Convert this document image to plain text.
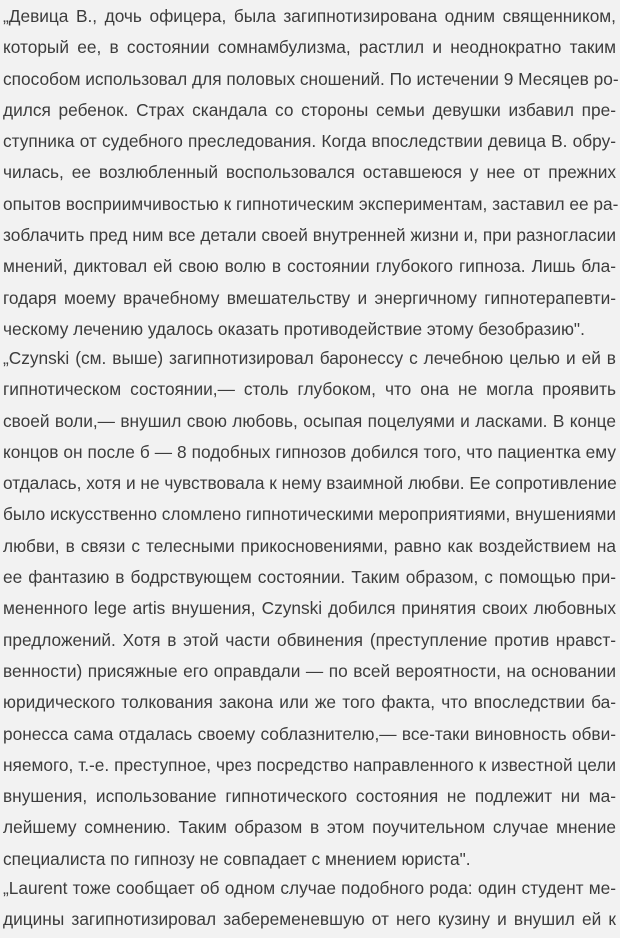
„Девица В., дочь офицера, была загипнотизирована одним священником,
который ее, в состоянии сомнамбулизма, растлил и неоднократно таким
способом использовал для половых сношений. По истечении 9 Месяцев ро-
дился ребенок. Страх скандала со стороны семьи девушки избавил пре-
ступника от судебного преследования. Когда впоследствии девица В. обру-
чилась, ее возлюбленный воспользовался оставшеюся у нее от прежних
опытов восприимчивостью к гипнотическим экспериментам, заставил ее ра-
зоблачить пред ним все детали своей внутренней жизни и, при разногласии
мнений, диктовал ей свою волю в состоянии глубокого гипноза. Лишь бла-
годаря моему врачебному вмешательству и энергичному гипнотерапевти-
ческому лечению удалось оказать противодействие этому безобразию".

„Czynski (см. выше) загипнотизировал баронессу с лечебною целью и ей в
гипнотическом состоянии,— столь глубоком, что она не могла проявить
своей воли,— внушил свою любовь, осыпая поцелуями и ласками. В конце
концов он после б — 8 подобных гипнозов добился того, что пациентка ему
отдалась, хотя и не чувствовала к нему взаимной любви. Ее сопротивление
было искусственно сломлено гипнотическими мероприятиями, внушениями
любви, в связи с телесными прикосновениями, равно как воздействием на
ее фантазию в бодрствующем состоянии. Таким образом, с помощью при-
мененного lege artis внушения, Czynski добился принятия своих любовных
предложений. Хотя в этой части обвинения (преступление против нравст-
венности) присяжные его оправдали — по всей вероятности, на основании
юридического толкования закона или же того факта, что впоследствии ба-
ронесса сама отдалась своему соблазнителю,— все-таки виновность обви-
няемого, т.-е. преступное, чрез посредство направленного к известной цели
внушения, использование гипнотического состояния не подлежит ни ма-
лейшему сомнению. Таким образом в этом поучительном случае мнение
специалиста по гипнозу не совпадает с мнением юриста".

„Laurent тоже сообщает об одном случае подобного рода: один студент ме-
дицины загипнотизировал забеременевшую от него кузину и внушил ей к
